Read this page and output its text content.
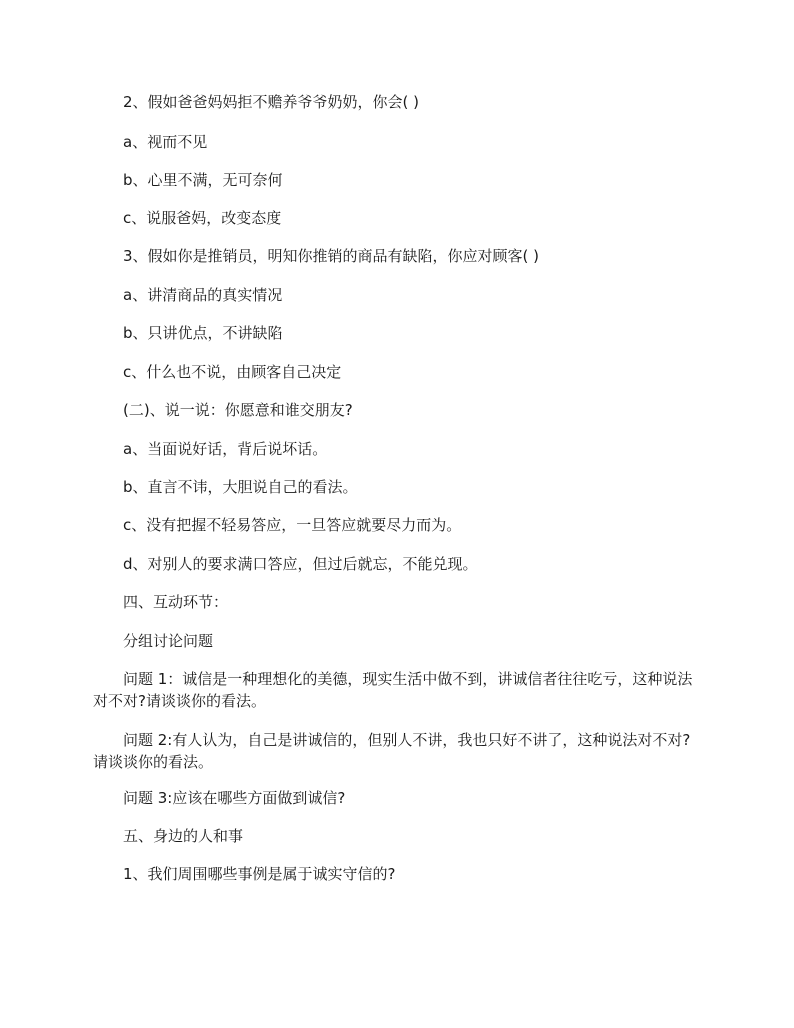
2、假如爸爸妈妈拒不赡养爷爷奶奶，你会( )
a、视而不见
b、心里不满，无可奈何
c、说服爸妈，改变态度
3、假如你是推销员，明知你推销的商品有缺陷，你应对顾客( )
a、讲清商品的真实情况
b、只讲优点，不讲缺陷
c、什么也不说，由顾客自己决定
(二)、说一说：你愿意和谁交朋友?
a、当面说好话，背后说坏话。
b、直言不讳，大胆说自己的看法。
c、没有把握不轻易答应，一旦答应就要尽力而为。
d、对别人的要求满口答应，但过后就忘，不能兑现。
四、互动环节：
分组讨论问题
问题 1：诚信是一种理想化的美德，现实生活中做不到，讲诚信者往往吃亏，这种说法对不对?请谈谈你的看法。
问题 2:有人认为，自己是讲诚信的，但别人不讲，我也只好不讲了，这种说法对不对?请谈谈你的看法。
问题 3:应该在哪些方面做到诚信?
五、身边的人和事
1、我们周围哪些事例是属于诚实守信的?
